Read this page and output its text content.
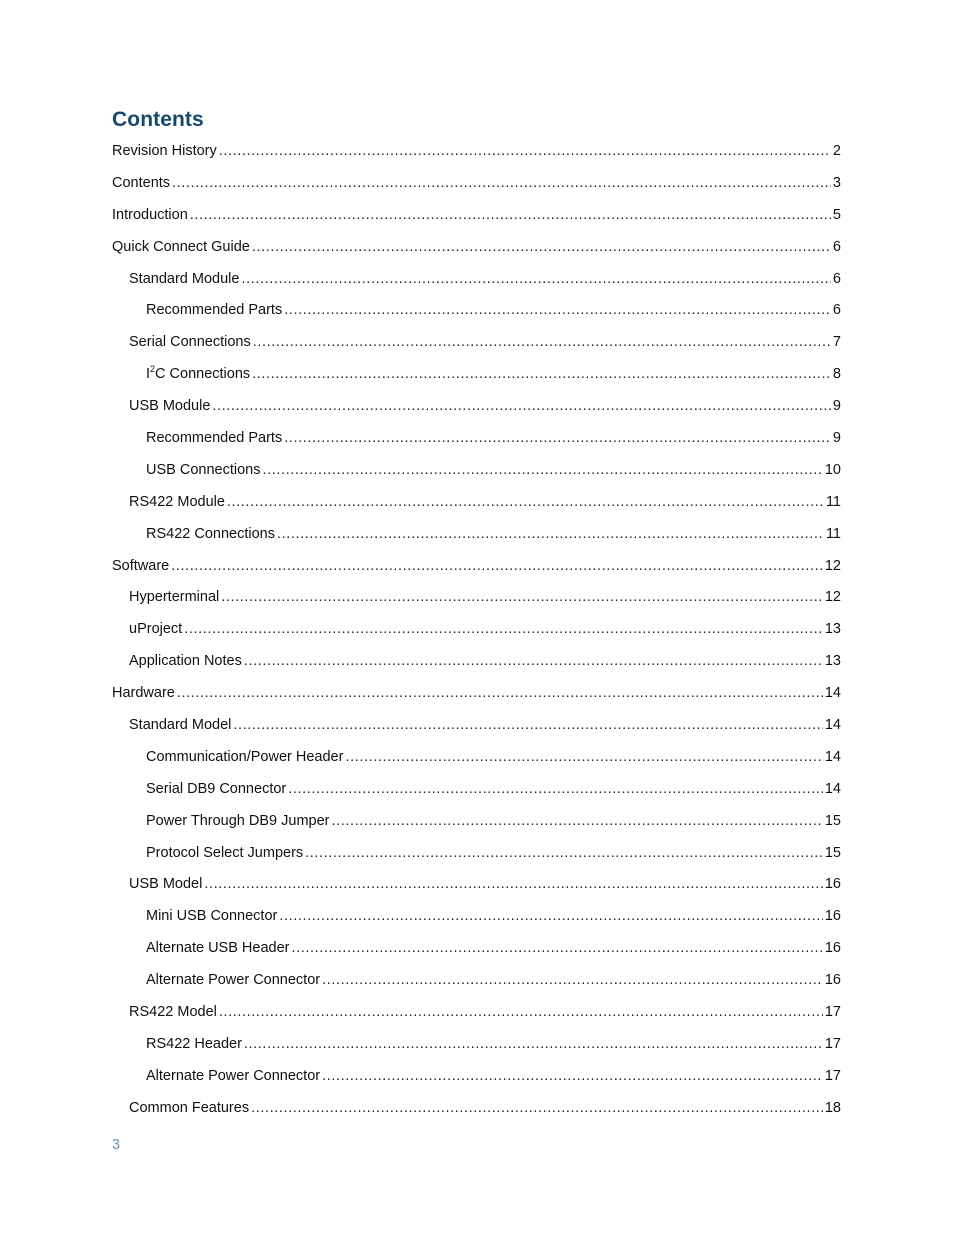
Contents
Revision History .....	2
Contents .....	3
Introduction .....	5
Quick Connect Guide .....	6
Standard Module .....	6
Recommended Parts .....	6
Serial Connections .....	7
$I^2C$ Connections .....	8
USB Module .....	9
Recommended Parts .....	9
USB Connections .....	10
RS422 Module .....	11
RS422 Connections .....	11
Software .....	12
Hyperterminal .....	12
uProject .....	13
Application Notes .....	13
Hardware .....	14
Standard Model .....	14
Communication/Power Header .....	14
Serial DB9 Connector .....	14
Power Through DB9 Jumper .....	15
Protocol Select Jumpers .....	15
USB Model .....	16
Mini USB Connector .....	16
Alternate USB Header .....	16
Alternate Power Connector .....	16
RS422 Model .....	17
RS422 Header .....	17
Alternate Power Connector .....	17
Common Features .....	18
3
